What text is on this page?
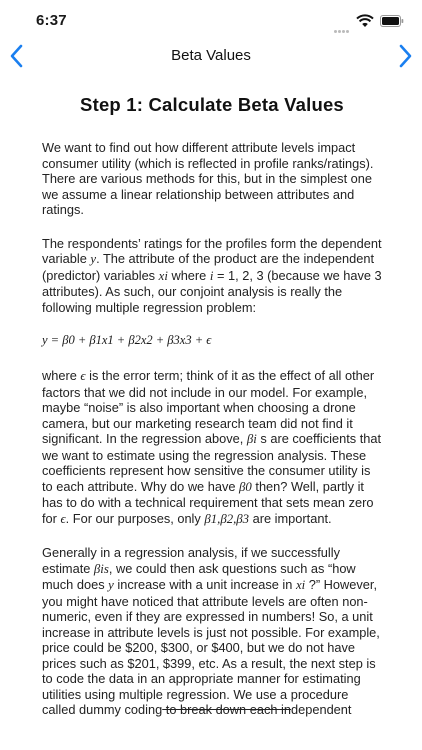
6:37
Beta Values
Step 1: Calculate Beta Values

We want to find out how different attribute levels impact consumer utility (which is reflected in profile ranks/ratings). There are various methods for this, but in the simplest one we assume a linear relationship between attributes and ratings.

The respondents’ ratings for the profiles form the dependent variable y. The attribute of the product are the independent (predictor) variables xi where i = 1, 2, 3 (because we have 3 attributes). As such, our conjoint analysis is really the following multiple regression problem:

y = β0 + β1x1 + β2x2 + β3x3 + ϵ

where ϵ is the error term; think of it as the effect of all other factors that we did not include in our model. For example, maybe “noise” is also important when choosing a drone camera, but our marketing research team did not find it significant. In the regression above, βi s are coefficients that we want to estimate using the regression analysis. These coefficients represent how sensitive the consumer utility is to each attribute. Why do we have β0 then? Well, partly it has to do with a technical requirement that sets mean zero for ϵ. For our purposes, only β1,β2,β3 are important.

Generally in a regression analysis, if we successfully estimate βis, we could then ask questions such as “how much does y increase with a unit increase in xi ?” However, you might have noticed that attribute levels are often non-numeric, even if they are expressed in numbers! So, a unit increase in attribute levels is just not possible. For example, price could be $200, $300, or $400, but we do not have prices such as $201, $399, etc. As a result, the next step is to code the data in an appropriate manner for estimating utilities using multiple regression. We use a procedure called dummy coding to break down each independent
